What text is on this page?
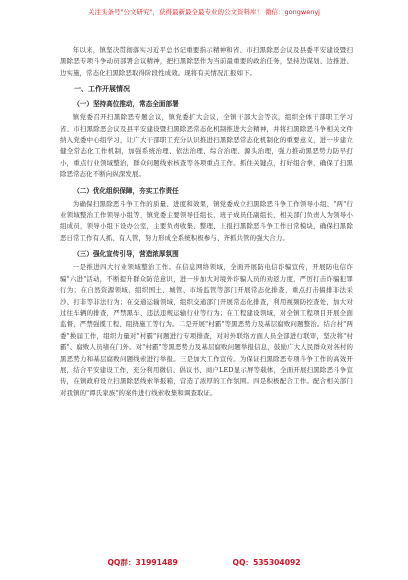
关注头条号"公文研究"，获得最新最全最专业的公文资料库！ 微信：gongwenyj

年以来，镇坚决贯彻落实习近平总书记重要指示精神和省、市扫黑除恶会议及县委平安建设暨扫黑除恶专项斗争动员部署会议精神，把扫黑除恶作为当前最重要的政治任务，坚持边谋划、边推进、边实施，常态化扫黑除恶取得阶段性成效。现将有关情况汇报如下。

一、工作开展情况
（一）坚持高位推动，常态全面部署

镇党委召开扫黑除恶专题会议，镇党委扩大会议，全镇干部大会等次，组织全体干部职工学习省、市扫黑除恶会议及县平安建设暨扫黑除恶常态化机制推进大会精神，并将扫黑除恶斗争相关文件纳入党委中心组学习，让广大干部职工充分认识推进扫黑除恶常态化机制化的重要意义，进一步建立健全常态化工作机制，加强系统治理、依法治理、综合治理、源头治理，强力推动黑恶势力防早打小，重点行业领域整治，群众问题线索核查等各项重点工作。抓住关键点，打好组合拳，确保了扫黑除恶常态化不断向纵深发展。

（二）优化组织保障，夯实工作责任

为确保扫黑除恶斗争工作的质量、进度和效果，镇党委成立扫黑除恶斗争工作领导小组、"两"行业领域整治工作领导小组等，镇党委主要领导任组长，班子成员任副组长，相关部门负责人为领导小组成员，领导小组下设办公室，主要负责收集、整理、上报扫黑除恶斗争工作日常模块，确保扫黑除恶日常工作有人抓、有人管，努力形成全系统积极参与、齐抓共管的强大合力。

（三）强化宣传引导，营造浓厚氛围

一是推进四大行业领域整治工作。在信息网络领域，全面开展防电信诈骗宣传，开展防电信诈骗"六进"活动，不断提升群众防范意识，进一步加大对境外诈骗人员的劝返力度，严厉打击诈骗犯罪行为；在自然资源领域，组织国土、城管、市场监管等部门开展常态化排查，重点打击搞排非法采沙、打非等非法行为；在交通运输领域，组织交通部门开展常态化排查，利用视频防控查处，加大对过往车辆的排查，严禁黑车、违法违规运输行业等行为；在工程建设领域，对全镇工程项目开展全面监督，严禁强揽工程、阻挠施工等行为。二是开展"村霸"等黑恶势力及基层腐败问题整治。结合村"两委"换届工作，组织力量对"村霸"问题进行专项排查，对对外联络方面人员全部进行联审，坚决将"村霸"、腐败人员堵在门外。对"村霸"等黑恶势力及基层腐败问题举报信息，鼓励广大人民群众对各村的黑恶势力和基层腐败问题线索进行举报。三是加大工作宣传。为保证扫黑除恶专项斗争工作的高效开展，结合平安建设工作，充分利用微信、倡议书、商户LED显示屏等载体，全面开展扫黑除恶斗争宣传，在镇政府设立扫黑除恶线索举报箱，营造了浓厚的工作氛围。四是积极配合工作。配合相关部门对我镇的"谭氏家族"的案件进行线索收集和调查取证。

QQ群：31991489	QQ：535304092
